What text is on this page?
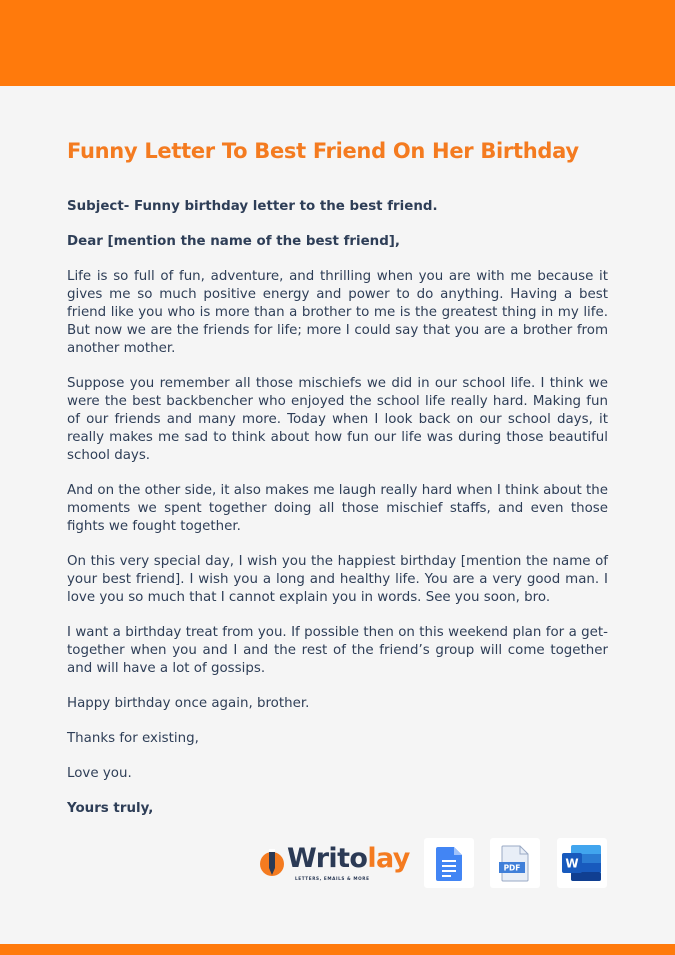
Funny Letter To Best Friend On Her Birthday

Subject- Funny birthday letter to the best friend.

Dear [mention the name of the best friend],

Life is so full of fun, adventure, and thrilling when you are with me because it gives me so much positive energy and power to do anything. Having a best friend like you who is more than a brother to me is the greatest thing in my life. But now we are the friends for life; more I could say that you are a brother from another mother.

Suppose you remember all those mischiefs we did in our school life. I think we were the best backbencher who enjoyed the school life really hard. Making fun of our friends and many more. Today when I look back on our school days, it really makes me sad to think about how fun our life was during those beautiful school days.

And on the other side, it also makes me laugh really hard when I think about the moments we spent together doing all those mischief staffs, and even those fights we fought together.

On this very special day, I wish you the happiest birthday [mention the name of your best friend]. I wish you a long and healthy life. You are a very good man. I love you so much that I cannot explain you in words. See you soon, bro.

I want a birthday treat from you. If possible then on this weekend plan for a get-together when you and I and the rest of the friend’s group will come together and will have a lot of gossips.

Happy birthday once again, brother.

Thanks for existing,

Love you.

Yours truly,

Writolay
LETTERS, EMAILS & MORE
PDF	W
